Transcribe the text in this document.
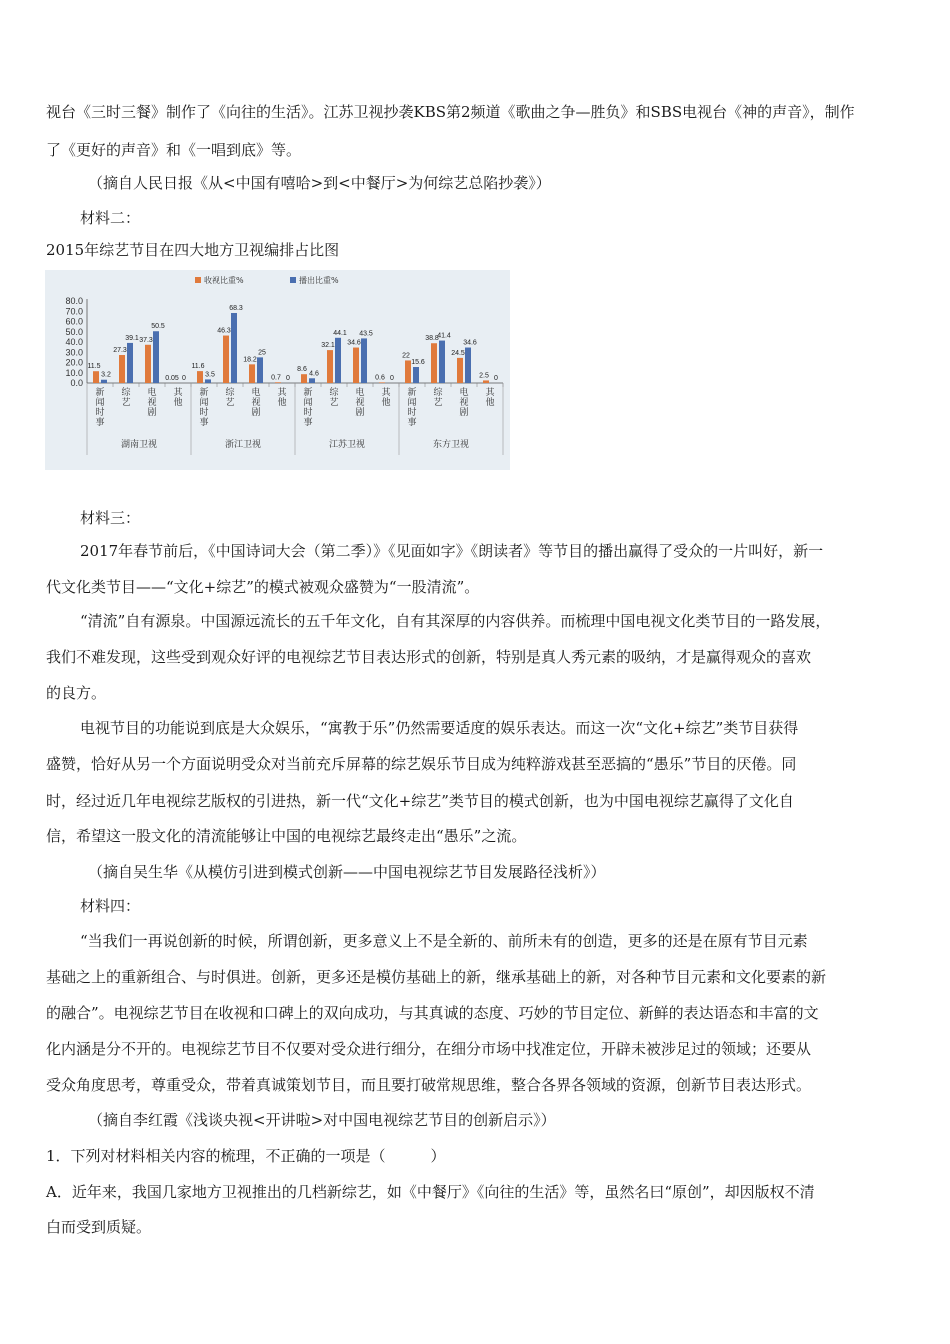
视台《三时三餐》制作了《向往的生活》。江苏卫视抄袭KBS第2频道《歌曲之争—胜负》和SBS电视台《神的声音》，制作
了《更好的声音》和《一唱到底》等。
（摘自人民日报《从<中国有嘻哈>到<中餐厅>为何综艺总陷抄袭》）
材料二：
2015年综艺节目在四大地方卫视编排占比图
收视比重%	播出比重%
0.0
10.0
20.0
30.0
40.0
50.0
60.0
70.0
80.0
湖南卫视
11.5
3.2
新
闻
时
事
27.3
39.1
综
艺
37.3
50.5
电
视
剧
0.05 0
其
他
浙江卫视
11.6
3.5
新
闻
时
事
46.3
68.3
综
艺
18.2
25
电
视
剧
0.7 0
其
他
江苏卫视
8.6
4.6
新
闻
时
事
32.1
44.1
综
艺
34.6
43.5
电
视
剧
0.6 0
其
他
东方卫视
22
15.6
新
闻
时
事
38.8
41.4
综
艺
24.5
34.6
电
视
剧
2.5 0
其
他
材料三：
2017年春节前后，《中国诗词大会（第二季）》《见面如字》《朗读者》等节目的播出赢得了受众的一片叫好，新一
代文化类节目——“文化+综艺”的模式被观众盛赞为“一股清流”。
“清流”自有源泉。中国源远流长的五千年文化，自有其深厚的内容供养。而梳理中国电视文化类节目的一路发展，
我们不难发现，这些受到观众好评的电视综艺节目表达形式的创新，特别是真人秀元素的吸纳，才是赢得观众的喜欢
的良方。
电视节目的功能说到底是大众娱乐，“寓教于乐”仍然需要适度的娱乐表达。而这一次“文化+综艺”类节目获得
盛赞，恰好从另一个方面说明受众对当前充斥屏幕的综艺娱乐节目成为纯粹游戏甚至恶搞的“愚乐”节目的厌倦。同
时，经过近几年电视综艺版权的引进热，新一代“文化+综艺”类节目的模式创新，也为中国电视综艺赢得了文化自
信，希望这一股文化的清流能够让中国的电视综艺最终走出“愚乐”之流。
（摘自吴生华《从模仿引进到模式创新——中国电视综艺节目发展路径浅析》）
材料四：
“当我们一再说创新的时候，所谓创新，更多意义上不是全新的、前所未有的创造，更多的还是在原有节目元素
基础之上的重新组合、与时俱进。创新，更多还是模仿基础上的新，继承基础上的新，对各种节目元素和文化要素的新
的融合”。电视综艺节目在收视和口碑上的双向成功，与其真诚的态度、巧妙的节目定位、新鲜的表达语态和丰富的文
化内涵是分不开的。电视综艺节目不仅要对受众进行细分，在细分市场中找准定位，开辟未被涉足过的领域；还要从
受众角度思考，尊重受众，带着真诚策划节目，而且要打破常规思维，整合各界各领域的资源，创新节目表达形式。
（摘自李红霞《浅谈央视<开讲啦>对中国电视综艺节目的创新启示》）
1．下列对材料相关内容的梳理，不正确的一项是（　　　）
A．近年来，我国几家地方卫视推出的几档新综艺，如《中餐厅》《向往的生活》等，虽然名曰“原创”，却因版权不清
白而受到质疑。
